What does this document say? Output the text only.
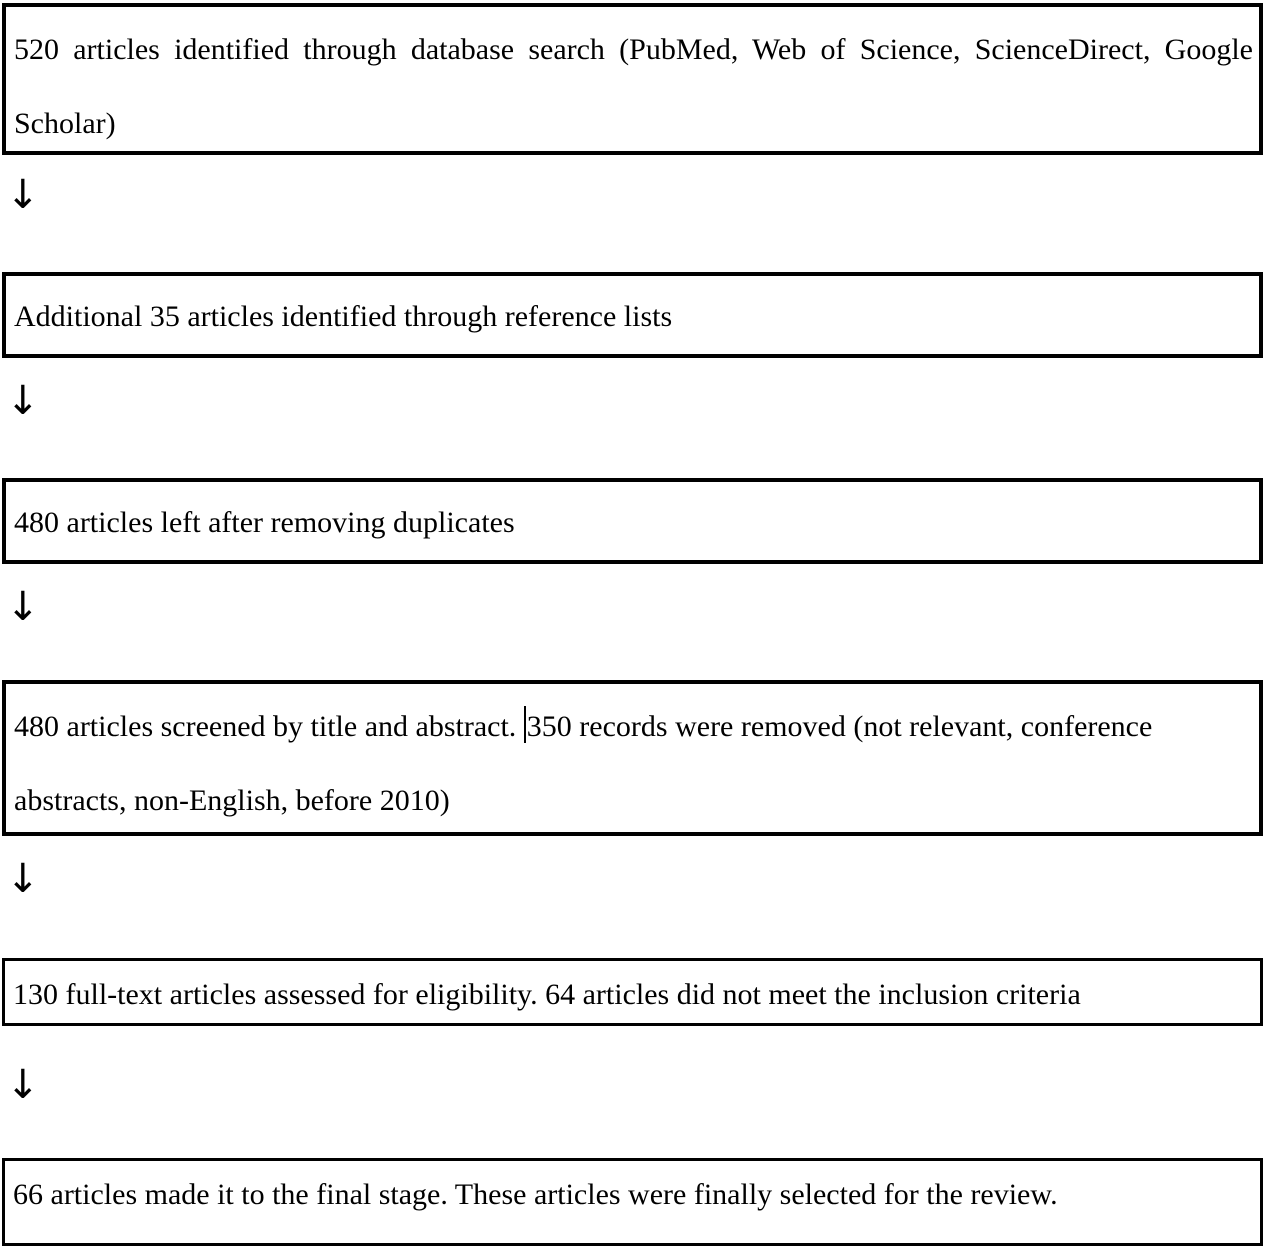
520 articles identified through database search (PubMed, Web of Science, ScienceDirect, Google Scholar)
↓
Additional 35 articles identified through reference lists
↓
480 articles left after removing duplicates
↓
480 articles screened by title and abstract. 350 records were removed (not relevant, conference abstracts, non-English, before 2010)
↓
130 full-text articles assessed for eligibility. 64 articles did not meet the inclusion criteria
↓
66 articles made it to the final stage. These articles were finally selected for the review.
